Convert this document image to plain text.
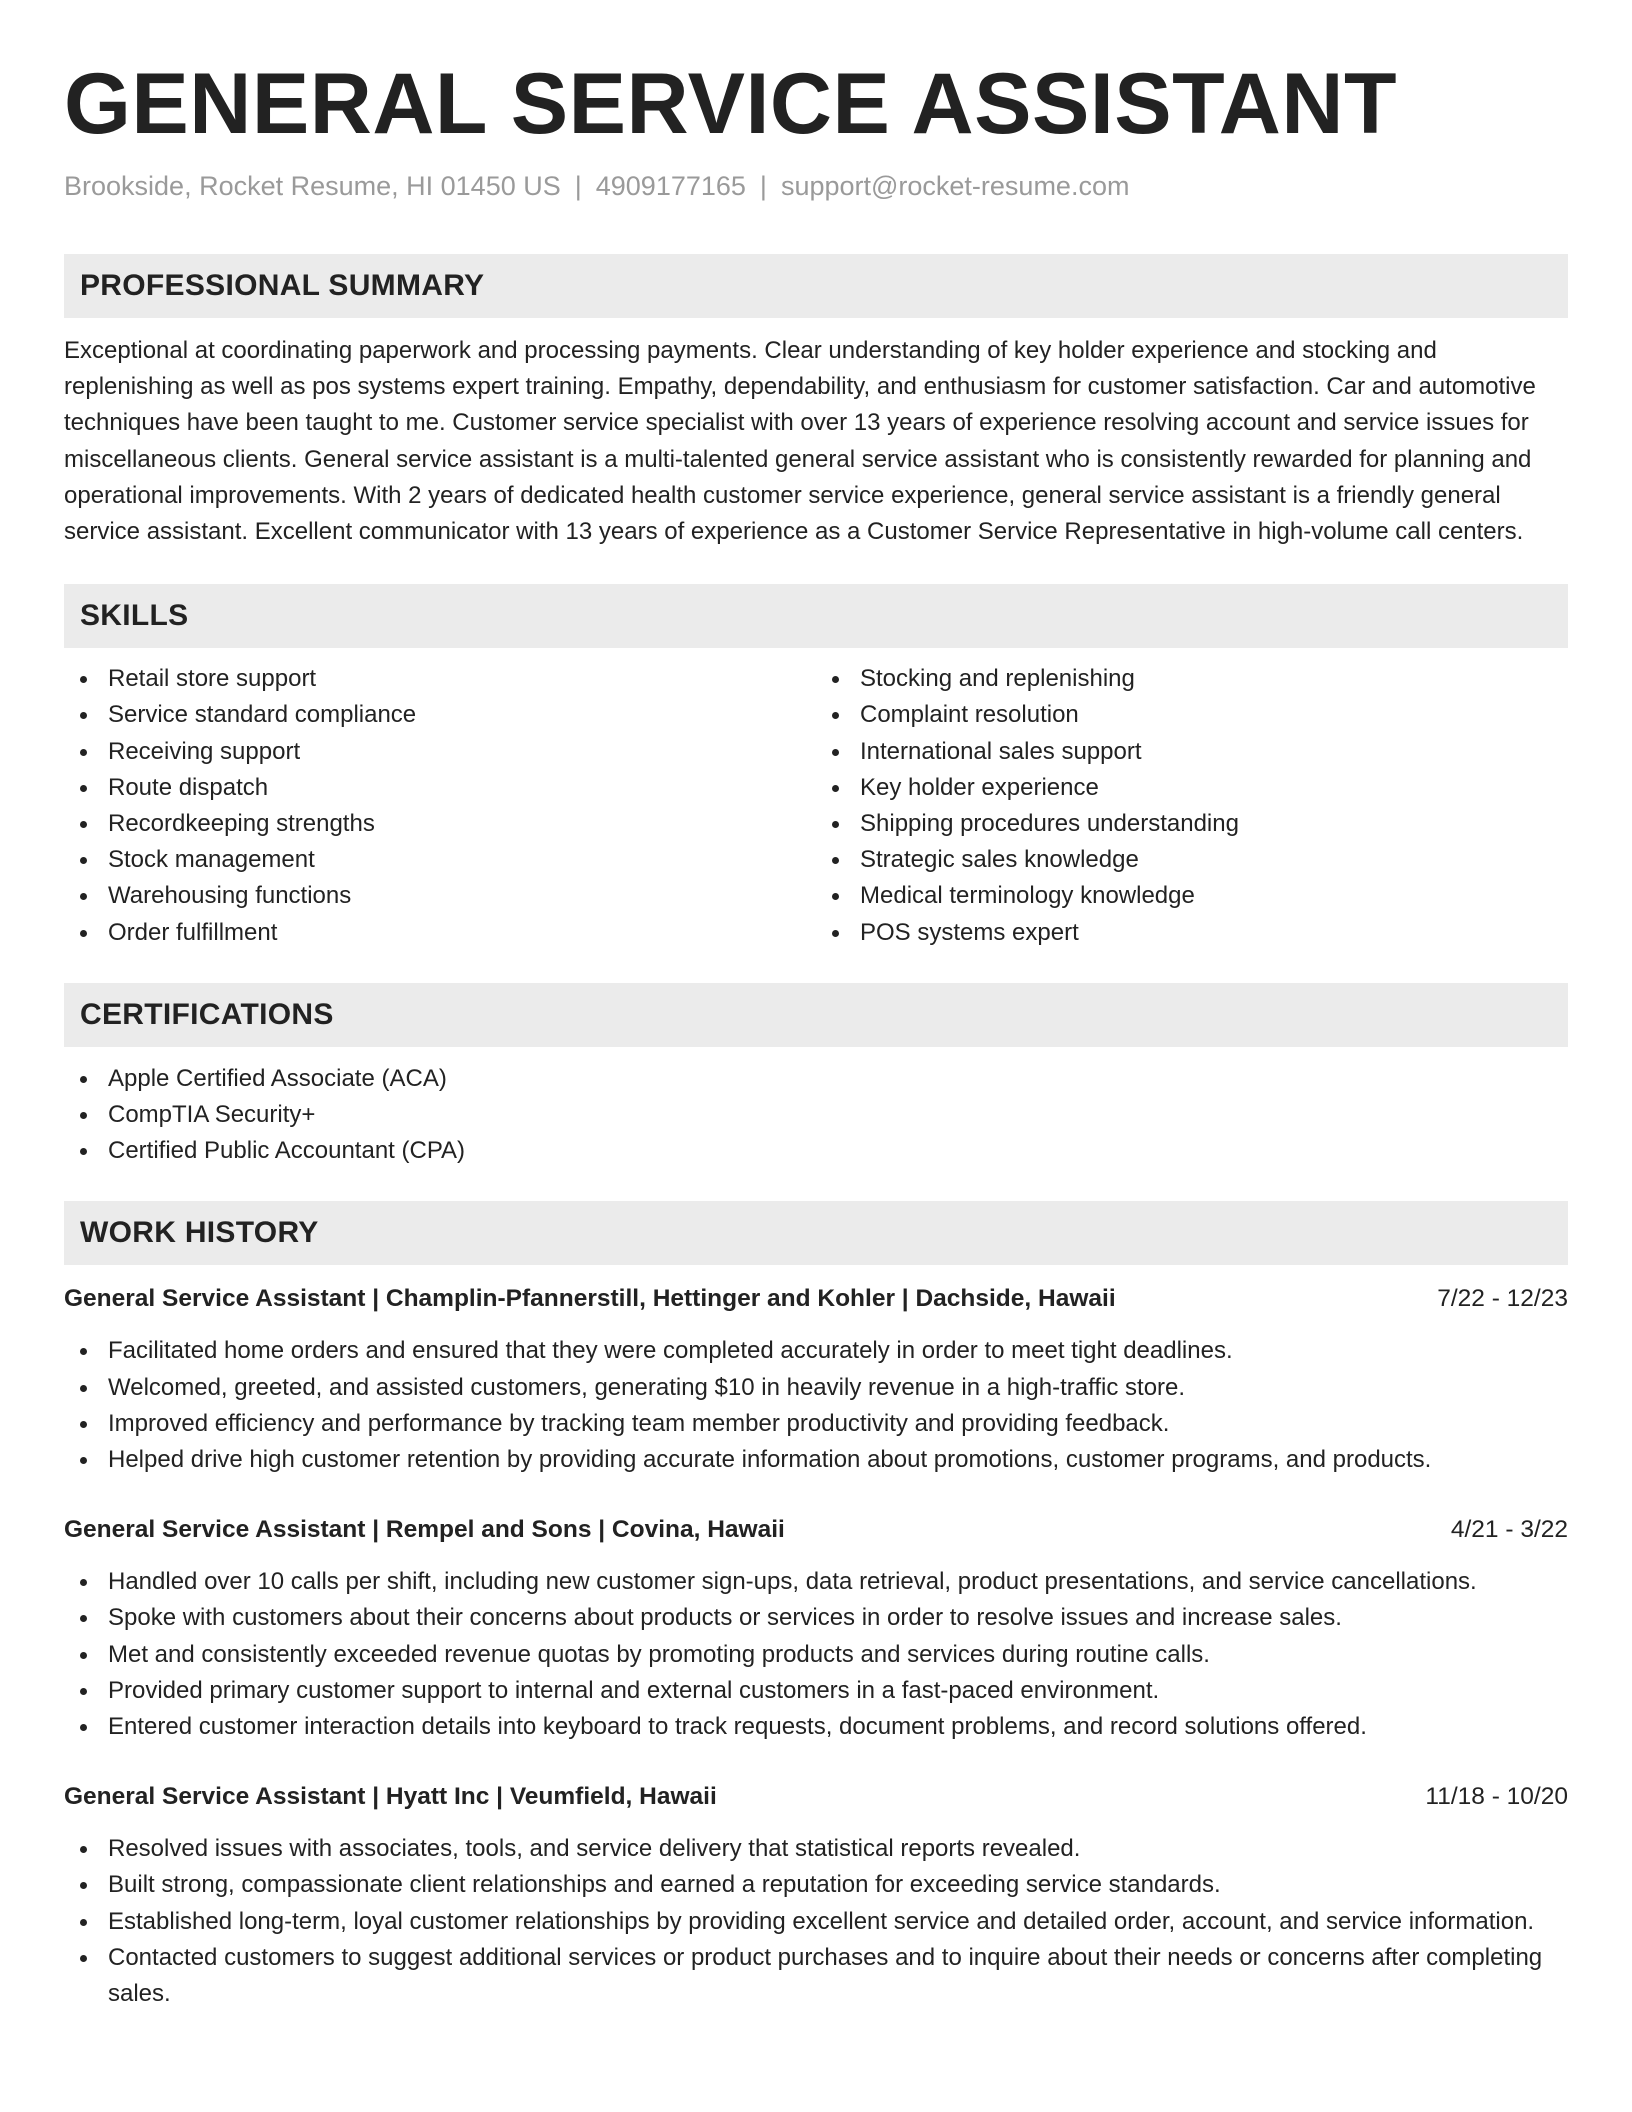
GENERAL SERVICE ASSISTANT
Brookside, Rocket Resume, HI 01450 US | 4909177165 | support@rocket-resume.com
PROFESSIONAL SUMMARY
Exceptional at coordinating paperwork and processing payments. Clear understanding of key holder experience and stocking and replenishing as well as pos systems expert training. Empathy, dependability, and enthusiasm for customer satisfaction. Car and automotive techniques have been taught to me. Customer service specialist with over 13 years of experience resolving account and service issues for miscellaneous clients. General service assistant is a multi-talented general service assistant who is consistently rewarded for planning and operational improvements. With 2 years of dedicated health customer service experience, general service assistant is a friendly general service assistant. Excellent communicator with 13 years of experience as a Customer Service Representative in high-volume call centers.
SKILLS
Retail store support
Service standard compliance
Receiving support
Route dispatch
Recordkeeping strengths
Stock management
Warehousing functions
Order fulfillment
Stocking and replenishing
Complaint resolution
International sales support
Key holder experience
Shipping procedures understanding
Strategic sales knowledge
Medical terminology knowledge
POS systems expert
CERTIFICATIONS
Apple Certified Associate (ACA)
CompTIA Security+
Certified Public Accountant (CPA)
WORK HISTORY
General Service Assistant | Champlin-Pfannerstill, Hettinger and Kohler | Dachside, Hawaii	7/22 - 12/23
Facilitated home orders and ensured that they were completed accurately in order to meet tight deadlines.
Welcomed, greeted, and assisted customers, generating $10 in heavily revenue in a high-traffic store.
Improved efficiency and performance by tracking team member productivity and providing feedback.
Helped drive high customer retention by providing accurate information about promotions, customer programs, and products.
General Service Assistant | Rempel and Sons | Covina, Hawaii	4/21 - 3/22
Handled over 10 calls per shift, including new customer sign-ups, data retrieval, product presentations, and service cancellations.
Spoke with customers about their concerns about products or services in order to resolve issues and increase sales.
Met and consistently exceeded revenue quotas by promoting products and services during routine calls.
Provided primary customer support to internal and external customers in a fast-paced environment.
Entered customer interaction details into keyboard to track requests, document problems, and record solutions offered.
General Service Assistant | Hyatt Inc | Veumfield, Hawaii	11/18 - 10/20
Resolved issues with associates, tools, and service delivery that statistical reports revealed.
Built strong, compassionate client relationships and earned a reputation for exceeding service standards.
Established long-term, loyal customer relationships by providing excellent service and detailed order, account, and service information.
Contacted customers to suggest additional services or product purchases and to inquire about their needs or concerns after completing sales.
